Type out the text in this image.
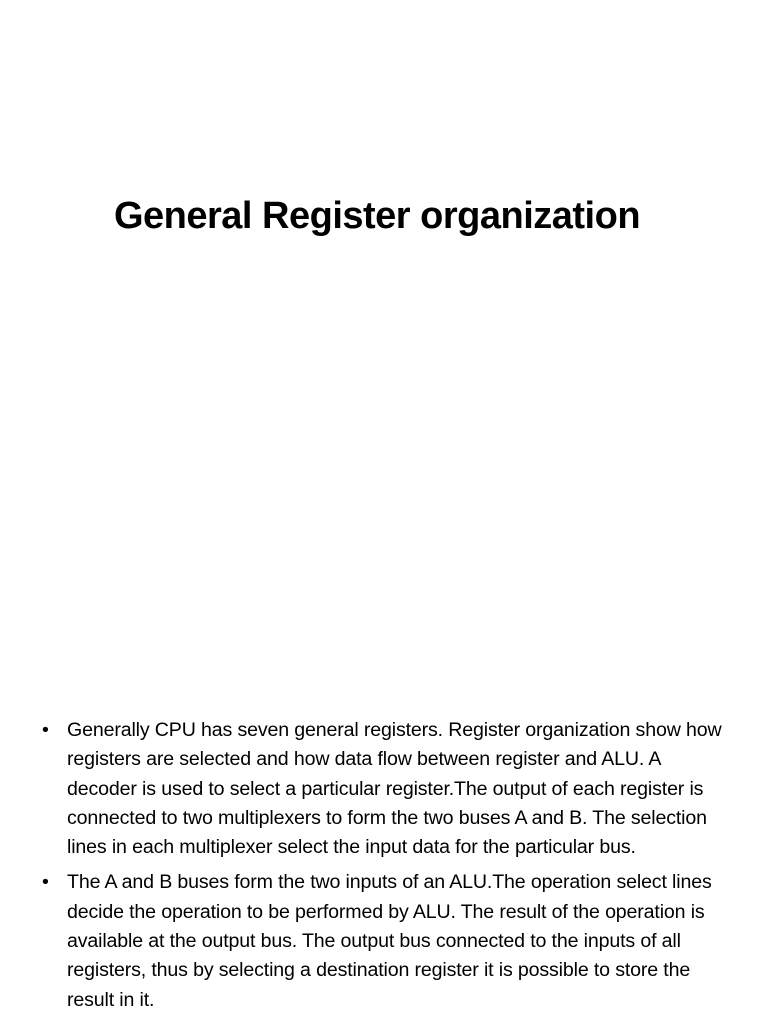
General Register organization
• Generally CPU has seven general registers. Register organization show how registers are selected and how data flow between register and ALU. A decoder is used to select a particular register.The output of each register is connected to two multiplexers to form the two buses A and B. The selection lines in each multiplexer select the input data for the particular bus.
• The A and B buses form the two inputs of an ALU.The operation select lines decide the operation to be performed by ALU. The result of the operation is available at the output bus. The output bus connected to the inputs of all registers, thus by selecting a destination register it is possible to store the result in it.
